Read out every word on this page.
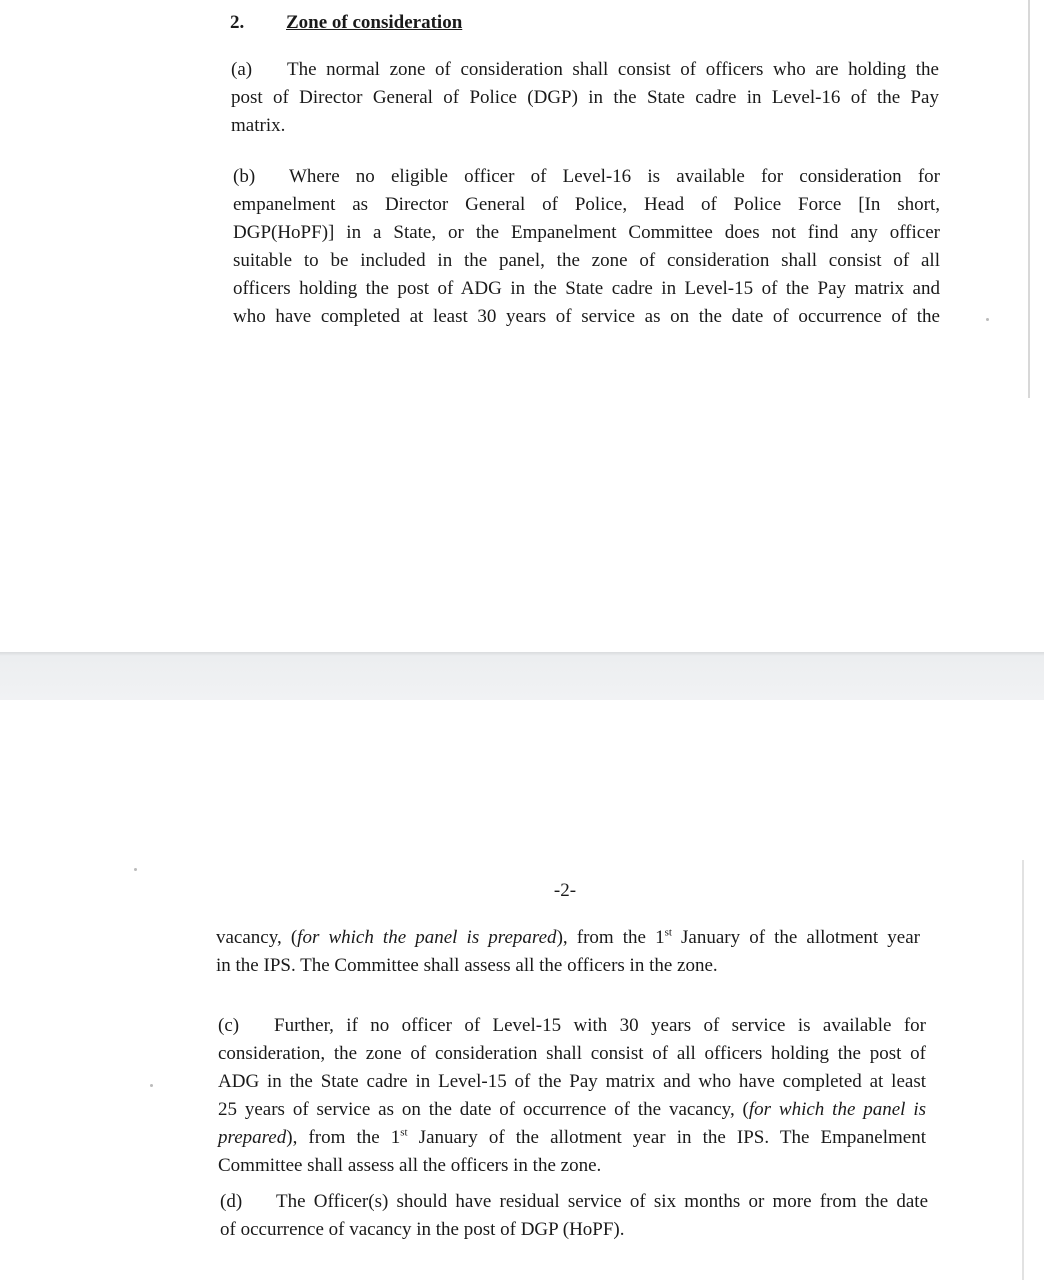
2. Zone of consideration
(a) The normal zone of consideration shall consist of officers who are holding the
post of Director General of Police (DGP) in the State cadre in Level-16 of the Pay
matrix.
(b) Where no eligible officer of Level-16 is available for consideration for
empanelment as Director General of Police, Head of Police Force [In short,
DGP(HoPF)] in a State, or the Empanelment Committee does not find any officer
suitable to be included in the panel, the zone of consideration shall consist of all
officers holding the post of ADG in the State cadre in Level-15 of the Pay matrix and
who have completed at least 30 years of service as on the date of occurrence of the
-2-
vacancy, (for which the panel is prepared), from the 1st January of the allotment year
in the IPS. The Committee shall assess all the officers in the zone.
(c) Further, if no officer of Level-15 with 30 years of service is available for
consideration, the zone of consideration shall consist of all officers holding the post of
ADG in the State cadre in Level-15 of the Pay matrix and who have completed at least
25 years of service as on the date of occurrence of the vacancy, (for which the panel is
prepared), from the 1st January of the allotment year in the IPS. The Empanelment
Committee shall assess all the officers in the zone.
(d) The Officer(s) should have residual service of six months or more from the date
of occurrence of vacancy in the post of DGP (HoPF).
